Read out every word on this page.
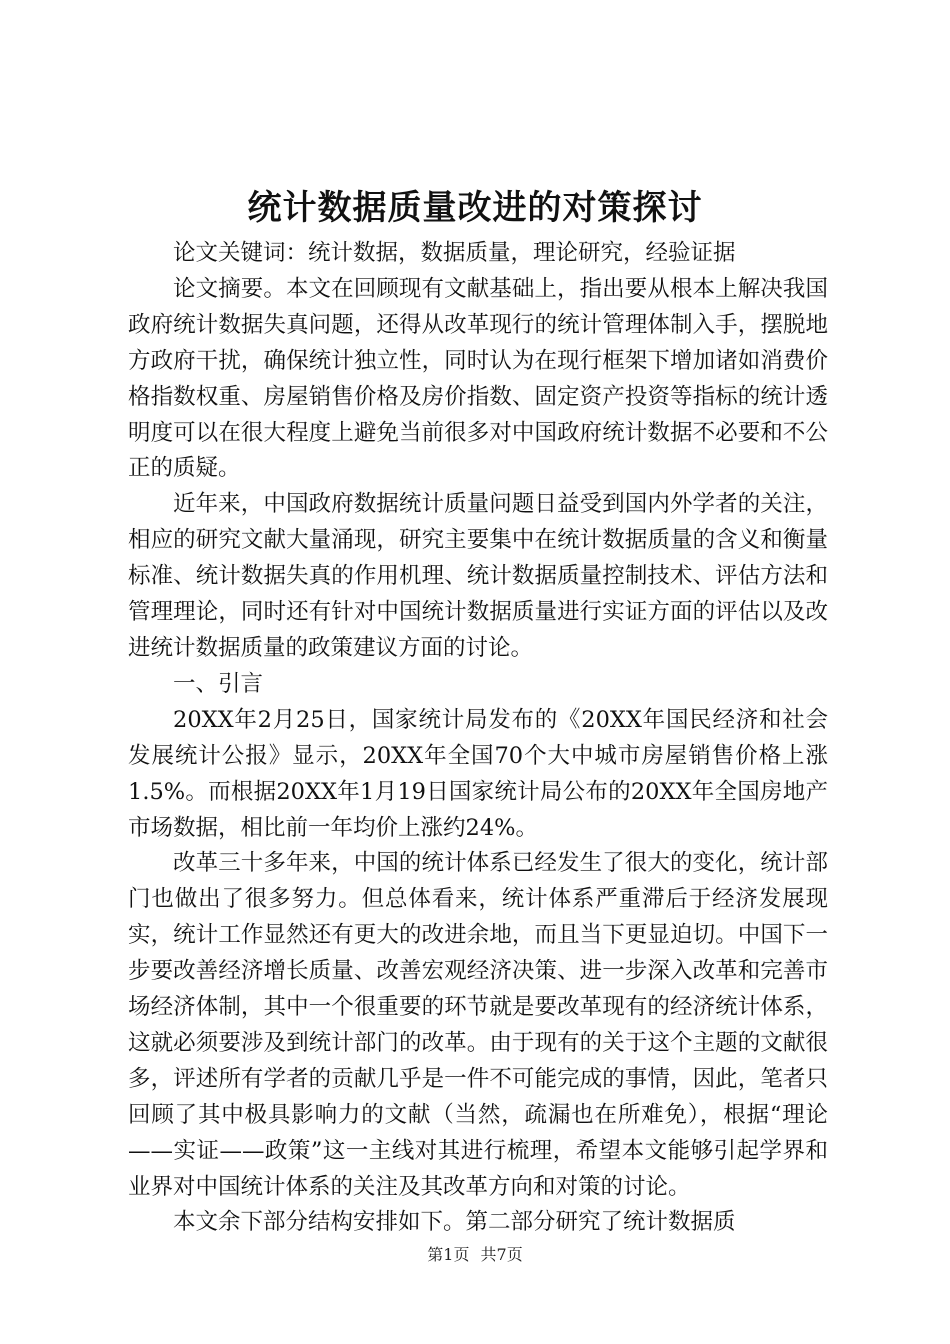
统计数据质量改进的对策探讨

论文关键词：统计数据，数据质量，理论研究，经验证据

论文摘要。本文在回顾现有文献基础上，指出要从根本上解决我国政府统计数据失真问题，还得从改革现行的统计管理体制入手，摆脱地方政府干扰，确保统计独立性，同时认为在现行框架下增加诸如消费价格指数权重、房屋销售价格及房价指数、固定资产投资等指标的统计透明度可以在很大程度上避免当前很多对中国政府统计数据不必要和不公正的质疑。

近年来，中国政府数据统计质量问题日益受到国内外学者的关注，相应的研究文献大量涌现，研究主要集中在统计数据质量的含义和衡量标准、统计数据失真的作用机理、统计数据质量控制技术、评估方法和管理理论，同时还有针对中国统计数据质量进行实证方面的评估以及改进统计数据质量的政策建议方面的讨论。

一、引言

20XX年2月25日，国家统计局发布的《20XX年国民经济和社会发展统计公报》显示，20XX年全国70个大中城市房屋销售价格上涨1.5%。而根据20XX年1月19日国家统计局公布的20XX年全国房地产市场数据，相比前一年均价上涨约24%。

改革三十多年来，中国的统计体系已经发生了很大的变化，统计部门也做出了很多努力。但总体看来，统计体系严重滞后于经济发展现实，统计工作显然还有更大的改进余地，而且当下更显迫切。中国下一步要改善经济增长质量、改善宏观经济决策、进一步深入改革和完善市场经济体制，其中一个很重要的环节就是要改革现有的经济统计体系，这就必须要涉及到统计部门的改革。由于现有的关于这个主题的文献很多，评述所有学者的贡献几乎是一件不可能完成的事情，因此，笔者只回顾了其中极具影响力的文献（当然，疏漏也在所难免），根据“理论——实证——政策”这一主线对其进行梳理，希望本文能够引起学界和业界对中国统计体系的关注及其改革方向和对策的讨论。

本文余下部分结构安排如下。第二部分研究了统计数据质

第1页 共7页
